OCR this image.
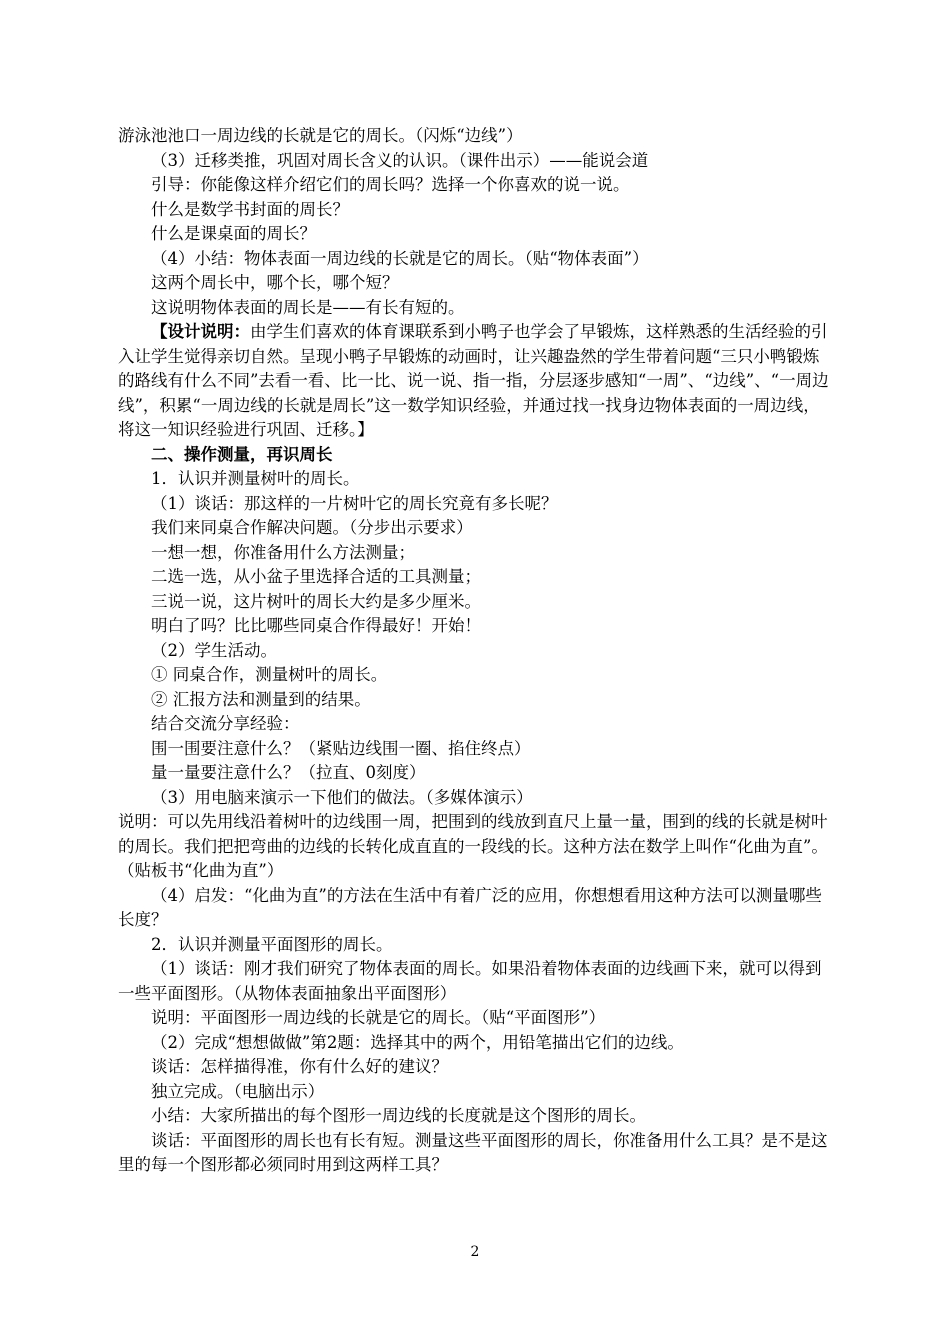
游泳池池口一周边线的长就是它的周长。（闪烁“边线”）

（3）迁移类推，巩固对周长含义的认识。（课件出示）——能说会道

引导：你能像这样介绍它们的周长吗？选择一个你喜欢的说一说。

什么是数学书封面的周长？

什么是课桌面的周长？

（4）小结：物体表面一周边线的长就是它的周长。（贴“物体表面”）

这两个周长中，哪个长，哪个短？

这说明物体表面的周长是——有长有短的。

【设计说明：由学生们喜欢的体育课联系到小鸭子也学会了早锻炼，这样熟悉的生活经验的引入让学生觉得亲切自然。呈现小鸭子早锻炼的动画时，让兴趣盎然的学生带着问题“三只小鸭锻炼的路线有什么不同”去看一看、比一比、说一说、指一指，分层逐步感知“一周”、“边线”、“一周边线”，积累“一周边线的长就是周长”这一数学知识经验，并通过找一找身边物体表面的一周边线，将这一知识经验进行巩固、迁移。】

二、操作测量，再识周长

1．认识并测量树叶的周长。

（1）谈话：那这样的一片树叶它的周长究竟有多长呢？

我们来同桌合作解决问题。（分步出示要求）

一想一想，你准备用什么方法测量；

二选一选，从小盆子里选择合适的工具测量；

三说一说，这片树叶的周长大约是多少厘米。

明白了吗？比比哪些同桌合作得最好！开始！

（2）学生活动。

① 同桌合作，测量树叶的周长。

② 汇报方法和测量到的结果。

结合交流分享经验：

围一围要注意什么？（紧贴边线围一圈、掐住终点）

量一量要注意什么？（拉直、0刻度）

（3）用电脑来演示一下他们的做法。（多媒体演示）

说明：可以先用线沿着树叶的边线围一周，把围到的线放到直尺上量一量，围到的线的长就是树叶的周长。我们把把弯曲的边线的长转化成直直的一段线的长。这种方法在数学上叫作“化曲为直”。 （贴板书“化曲为直”）

（4）启发：“化曲为直”的方法在生活中有着广泛的应用，你想想看用这种方法可以测量哪些长度？

2．认识并测量平面图形的周长。

（1）谈话：刚才我们研究了物体表面的周长。如果沿着物体表面的边线画下来，就可以得到一些平面图形。（从物体表面抽象出平面图形）

说明：平面图形一周边线的长就是它的周长。（贴“平面图形”）

（2）完成“想想做做”第2题：选择其中的两个，用铅笔描出它们的边线。

谈话：怎样描得准，你有什么好的建议？

独立完成。（电脑出示）

小结：大家所描出的每个图形一周边线的长度就是这个图形的周长。

谈话：平面图形的周长也有长有短。测量这些平面图形的周长，你准备用什么工具？是不是这里的每一个图形都必须同时用到这两样工具？

2
